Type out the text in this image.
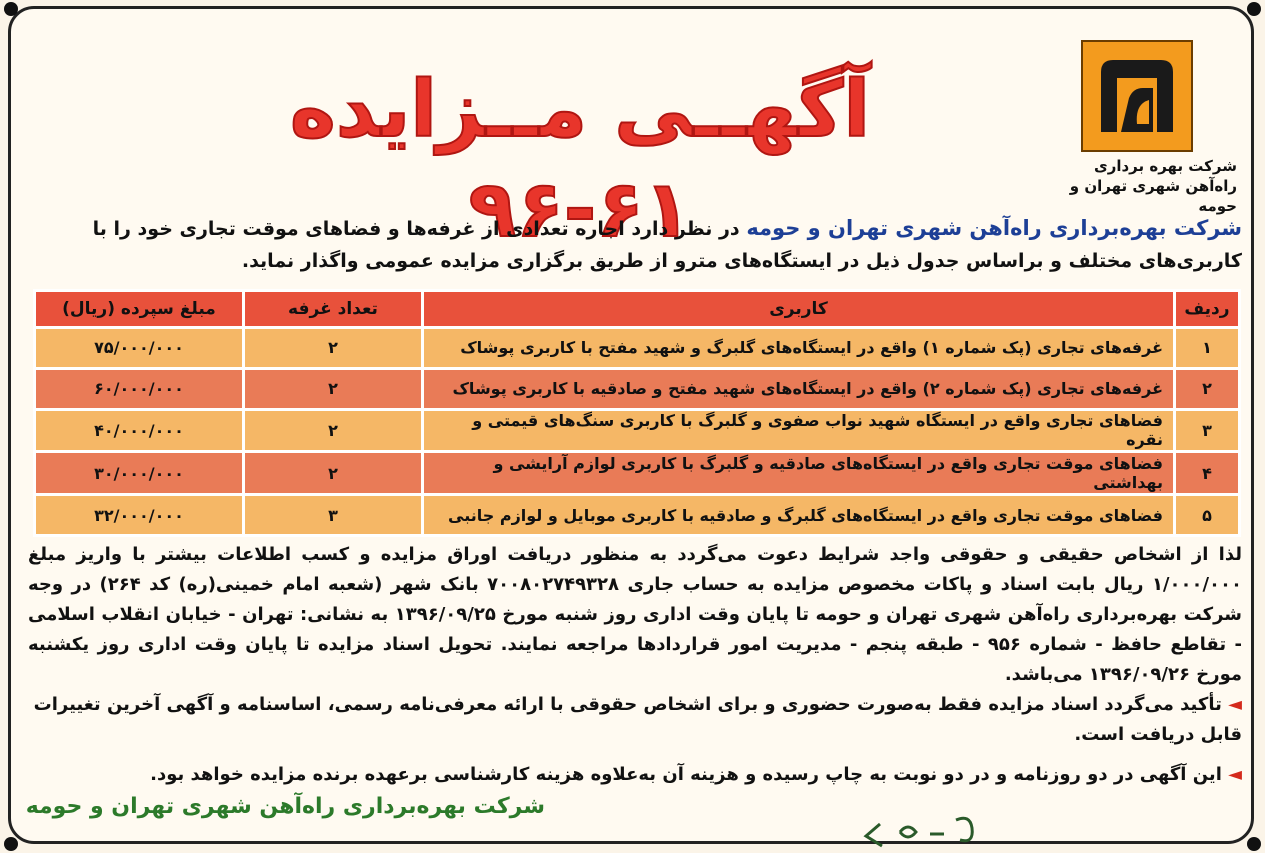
شرکت بهره برداری
راه‌آهن شهری تهران و حومه
آگهــی مــزایده ۶۱-۹۶	شرکت بهره‌برداری راه‌آهن شهری تهران و حومه در نظر دارد اجاره تعدادی از غرفه‌ها و فضاهای موقت تجاری خود را با کاربری‌های مختلف و براساس جدول ذیل در ایستگاه‌های مترو از طریق برگزاری مزایده عمومی واگذار نماید.
ردیف	کاربری	تعداد غرفه	مبلغ سپرده (ریال)
۱	غرفه‌های تجاری (پک شماره ۱) واقع در ایستگاه‌های گلبرگ و شهید مفتح با کاربری پوشاک	۲	۷۵/۰۰۰/۰۰۰
۲	غرفه‌های تجاری (پک شماره ۲) واقع در ایستگاه‌های شهید مفتح و صادقیه با کاربری پوشاک	۲	۶۰/۰۰۰/۰۰۰
۳	فضاهای تجاری واقع در ایستگاه شهید نواب صفوی و گلبرگ با کاربری سنگ‌های قیمتی و نقره	۲	۴۰/۰۰۰/۰۰۰
۴	فضاهای موقت تجاری واقع در ایستگاه‌های صادقیه و گلبرگ با کاربری لوازم آرایشی و بهداشتی	۲	۳۰/۰۰۰/۰۰۰
۵	فضاهای موقت تجاری واقع در ایستگاه‌های گلبرگ و صادقیه با کاربری موبایل و لوازم جانبی	۳	۳۲/۰۰۰/۰۰۰
لذا از اشخاص حقیقی و حقوقی واجد شرایط دعوت می‌گردد به منظور دریافت اوراق مزایده و کسب اطلاعات بیشتر با واریز مبلغ ۱/۰۰۰/۰۰۰ ریال بابت اسناد و پاکات مخصوص مزایده به حساب جاری ۷۰۰۸۰۲۷۴۹۳۲۸ بانک شهر (شعبه امام خمینی(ره) کد ۲۶۴) در وجه شرکت بهره‌برداری راه‌آهن شهری تهران و حومه تا پایان وقت اداری روز شنبه مورخ ۱۳۹۶/۰۹/۲۵ به نشانی: تهران - خیابان انقلاب اسلامی - تقاطع حافظ - شماره ۹۵۶ - طبقه پنجم - مدیریت امور قراردادها مراجعه نمایند. تحویل اسناد مزایده تا پایان وقت اداری روز یکشنبه مورخ ۱۳۹۶/۰۹/۲۶ می‌باشد.
◄ تأکید می‌گردد اسناد مزایده فقط به‌صورت حضوری و برای اشخاص حقوقی با ارائه معرفی‌نامه رسمی، اساسنامه و آگهی آخرین تغییرات قابل دریافت است.
◄ این آگهی در دو روزنامه و در دو نوبت به چاپ رسیده و هزینه آن به‌علاوه هزینه کارشناسی برعهده برنده مزایده خواهد بود.
شرکت بهره‌برداری راه‌آهن شهری تهران و حومه
